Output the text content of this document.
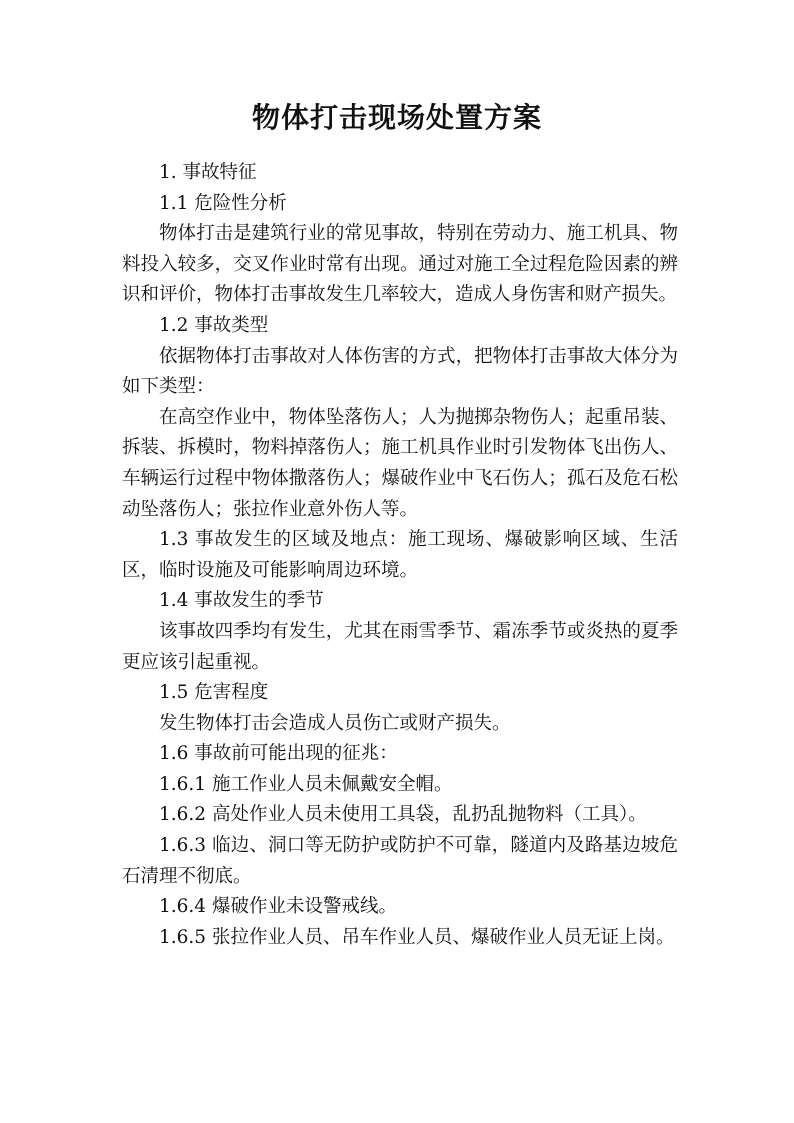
物体打击现场处置方案

1. 事故特征

1.1 危险性分析

物体打击是建筑行业的常见事故，特别在劳动力、施工机具、物料投入较多，交叉作业时常有出现。通过对施工全过程危险因素的辨识和评价，物体打击事故发生几率较大，造成人身伤害和财产损失。

1.2 事故类型

依据物体打击事故对人体伤害的方式，把物体打击事故大体分为如下类型：

在高空作业中，物体坠落伤人；人为抛掷杂物伤人；起重吊装、拆装、拆模时，物料掉落伤人；施工机具作业时引发物体飞出伤人、车辆运行过程中物体撒落伤人；爆破作业中飞石伤人；孤石及危石松动坠落伤人；张拉作业意外伤人等。

1.3 事故发生的区域及地点：施工现场、爆破影响区域、生活区，临时设施及可能影响周边环境。

1.4 事故发生的季节

该事故四季均有发生，尤其在雨雪季节、霜冻季节或炎热的夏季更应该引起重视。

1.5 危害程度

发生物体打击会造成人员伤亡或财产损失。

1.6 事故前可能出现的征兆：

1.6.1 施工作业人员未佩戴安全帽。

1.6.2 高处作业人员未使用工具袋，乱扔乱抛物料（工具）。

1.6.3 临边、洞口等无防护或防护不可靠，隧道内及路基边坡危石清理不彻底。

1.6.4 爆破作业未设警戒线。

1.6.5 张拉作业人员、吊车作业人员、爆破作业人员无证上岗。
